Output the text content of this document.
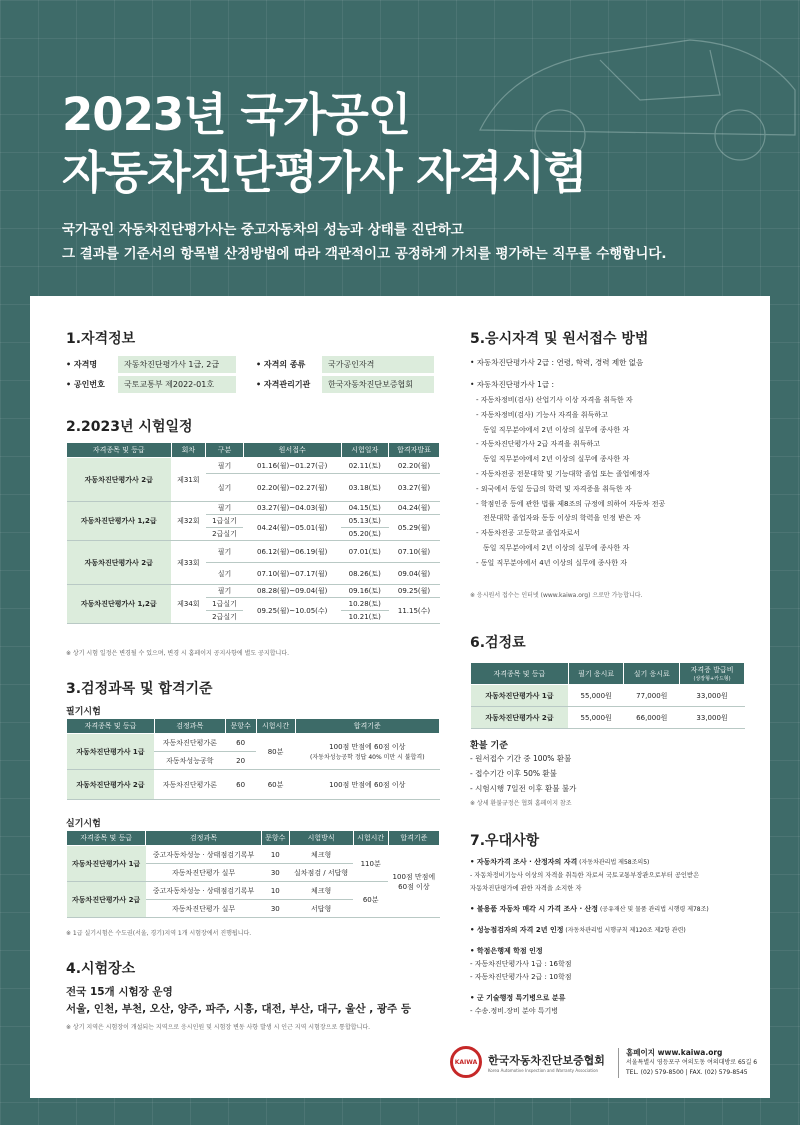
2023년 국가공인
자동차진단평가사 자격시험
국가공인 자동차진단평가사는 중고자동차의 성능과 상태를 진단하고
그 결과를 기준서의 항목별 산정방법에 따라 객관적이고 공정하게 가치를 평가하는 직무를 수행합니다.
1.자격정보
• 자격명	자동차진단평가사 1급, 2급	• 자격의 종류	국가공인자격
• 공인번호	국토교통부 제2022-01호	• 자격관리기관	한국자동차진단보증협회
2.2023년 시험일정
자격종목 및 등급	회차	구분	원서접수	시험일자	합격자발표
자동차진단평가사 2급	제31회	필기	01.16(월)~01.27(금)	02.11(토)	02.20(월)
		실기	02.20(월)~02.27(월)	03.18(토)	03.27(월)
자동차진단평가사 1,2급	제32회	필기	03.27(월)~04.03(월)	04.15(토)	04.24(월)
		1급실기	04.24(월)~05.01(월)	05.13(토)	05.29(월)
		2급실기		05.20(토)	
자동차진단평가사 2급	제33회	필기	06.12(월)~06.19(월)	07.01(토)	07.10(월)
		실기	07.10(월)~07.17(월)	08.26(토)	09.04(월)
자동차진단평가사 1,2급	제34회	필기	08.28(월)~09.04(월)	09.16(토)	09.25(월)
		1급실기	09.25(월)~10.05(수)	10.28(토)	11.15(수)
		2급실기		10.21(토)	
※ 상기 시험 일정은 변경될 수 있으며, 변경 시 홈페이지 공지사항에 별도 공지합니다.
3.검정과목 및 합격기준
필기시험
자격종목 및 등급	검정과목	문항수	시험시간	합격기준
자동차진단평가사 1급	자동차진단평가론	60	80분	100점 만점에 60점 이상
(자동차성능공학 정답 40% 미만 시 불합격)

	자동차성능공학	20		
자동차진단평가사 2급	자동차진단평가론	60	60분	100점 만점에 60점 이상
실기시험
자격종목 및 등급	검정과목	문항수	시험방식	시험시간	합격기준
자동차진단평가사 1급	중고자동차성능 · 상태점검기록부	10	체크형	110분	100점 만점에
60점 이상

	자동차진단평가 실무	30	실차점검 / 서답형		
자동차진단평가사 2급	중고자동차성능 · 상태점검기록부	10	체크형	60분	
	자동차진단평가 실무	30	서답형		
※ 1급 실기시험은 수도권(서울, 경기)지역 1개 시험장에서 진행됩니다.
4.시험장소
전국 15개 시험장 운영
서울, 인천, 부천, 오산, 양주, 파주, 시흥, 대전, 부산, 대구, 울산 , 광주 등
※ 상기 지역은 시험장이 개설되는 지역으로 응시인원 및 시험장 변동 사항 발생 시 인근 지역 시험장으로 통합합니다.
5.응시자격 및 원서접수 방법
• 자동차진단평가사 2급 : 연령, 학력, 경력 제한 없음
• 자동차진단평가사 1급 :
- 자동차정비(검사) 산업기사 이상 자격을 취득한 자
- 자동차정비(검사) 기능사 자격을 취득하고
동일 직무분야에서 2년 이상의 실무에 종사한 자
- 자동차진단평가사 2급 자격을 취득하고
동일 직무분야에서 2년 이상의 실무에 종사한 자
- 자동차전공 전문대학 및 기능대학 졸업 또는 졸업예정자
- 외국에서 동일 등급의 학력 및 자격증을 취득한 자
- 학점인증 등에 관한 법률 제8조의 규정에 의하여 자동차 전공
전문대학 졸업자와 동등 이상의 학력을 인정 받은 자
- 자동차전공 고등학교 졸업자로서
동일 직무분야에서 2년 이상의 실무에 종사한 자
- 동일 직무분야에서 4년 이상의 실무에 종사한 자
※ 응시원서 접수는 인터넷 (www.kaiwa.org) 으로만 가능합니다.
6.검정료
자격종목 및 등급	필기 응시료	실기 응시료	자격증 발급비
(상장형+카드형)

자동차진단평가사 1급	55,000원	77,000원	33,000원
자동차진단평가사 2급	55,000원	66,000원	33,000원
환불 기준
- 원서접수 기간 중 100% 환불
- 접수기간 이후 50% 환불
- 시험시행 7일전 이후 환불 불가
※ 상세 환불규정은 협회 홈페이지 참조
7.우대사항
• 자동차가격 조사 · 산정자의 자격 (자동차관리법 제58조의5)
- 자동차정비기능사 이상의 자격을 취득한 자로서 국토교통부장관으로부터 공인받은
자동차진단평가에 관한 자격을 소지한 자
• 불용품 자동차 매각 시 가격 조사 · 산정 (공유재산 및 물품 관리법 시행령 제78조)
• 성능점검자의 자격 2년 인정 (자동차관리법 시행규칙 제120조 제2항 관련)
• 학점은행제 학점 인정
- 자동차진단평가사 1급 : 16학점
- 자동차진단평가사 2급 : 10학점
• 군 기술행정 특기병으로 분류
- 수송.정비.장비 분야 특기병
KAIWA 한국자동차진단보증협회
Korea Automotive Inspection and Warranty Association
홈페이지 www.kaiwa.org
서울특별시 영등포구 여의도동 여의대방로 65길 6
TEL. (02) 579-8500 | FAX. (02) 579-8545
